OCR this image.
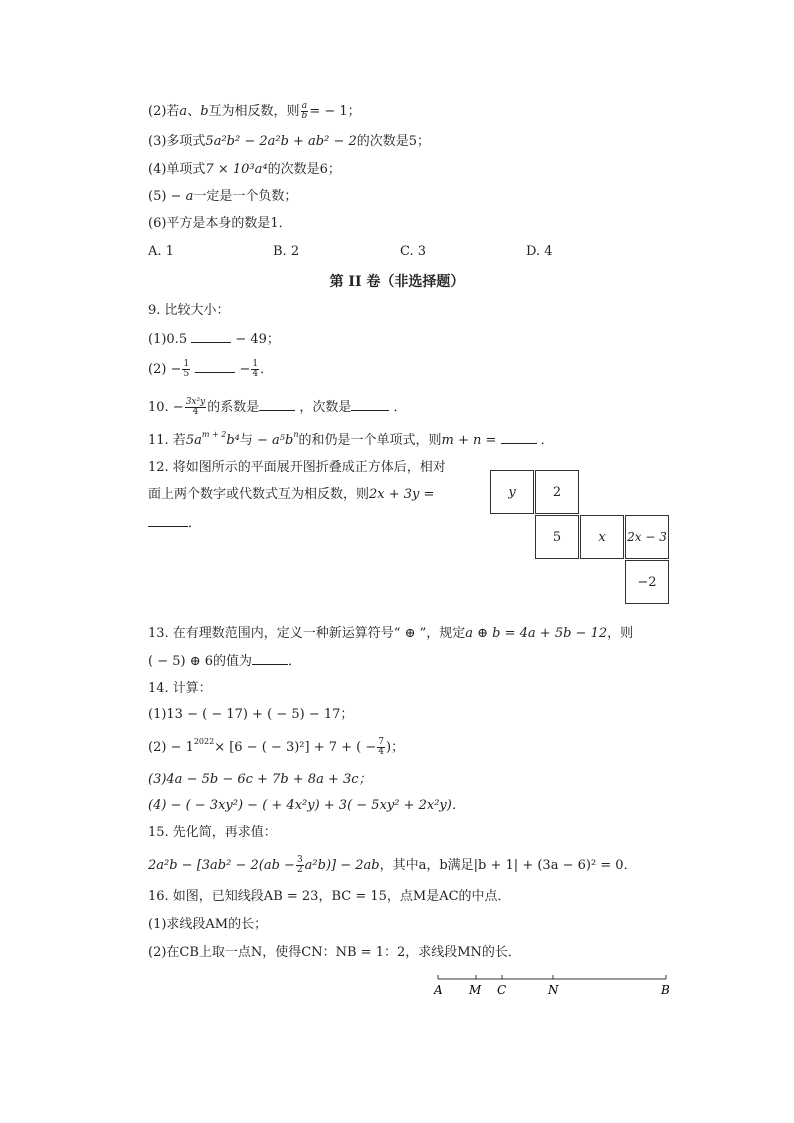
(2)若a、b互为相反数，则 $\frac{a}{b}$ = − 1；
(3)多项式5a²b² − 2a²b + ab² − 2的次数是5；
(4)单项式7 × 10³a⁴的次数是6；
(5) − a一定是一个负数；
(6)平方是本身的数是1．
A. 1	B. 2	C. 3	D. 4
第 II 卷（非选择题）
9. 比较大小：
(1)0.5	− 49；
$(2) - \frac{1}{5}$	− $\frac{1}{4}$ ．
10. − $\frac{\text{3x²y}}{4}$ 的系数是	，次数是	．
11. 若$5a^{m + 2}b^4$与 − $a^5b^n$的和仍是一个单项式，则m + n =	．
12. 将如图所示的平面展开图折叠成正方体后，相对
面上两个数字或代数式互为相反数，则2x + 3y =
．
y	2
5	x	2x − 3
−2
13. 在有理数范围内，定义一种新运算符号“ ⊕ ”，规定a ⊕ b = 4a + 5b − 12，则
( − 5) ⊕ 6的值为	．
14. 计算：
(1)13 − ( − 17) + ( − 5) − 17；
$(2) - 1^{2022}\times [6$ − ( − 3)²] + 7 + ( − $\frac{7}{4}$ )；
(3)4a − 5b − 6c + 7b + 8a + 3c；
(4) − ( − 3xy²) − ( + 4x²y) + 3( − 5xy² + 2x²y)．
15. 先化简，再求值：
$2a^2b - [3ab^2 - 2(ab - \frac{3}{2} a^2b)] - 2ab$，其中a，b满足|b + 1| + (3a − 6)² = 0．
16. 如图，已知线段AB = 23，BC = 15，点M是AC的中点．
(1)求线段AM的长；
(2)在CB上取一点N，使得CN：NB = 1：2，求线段MN的长．
A M C	N	B
